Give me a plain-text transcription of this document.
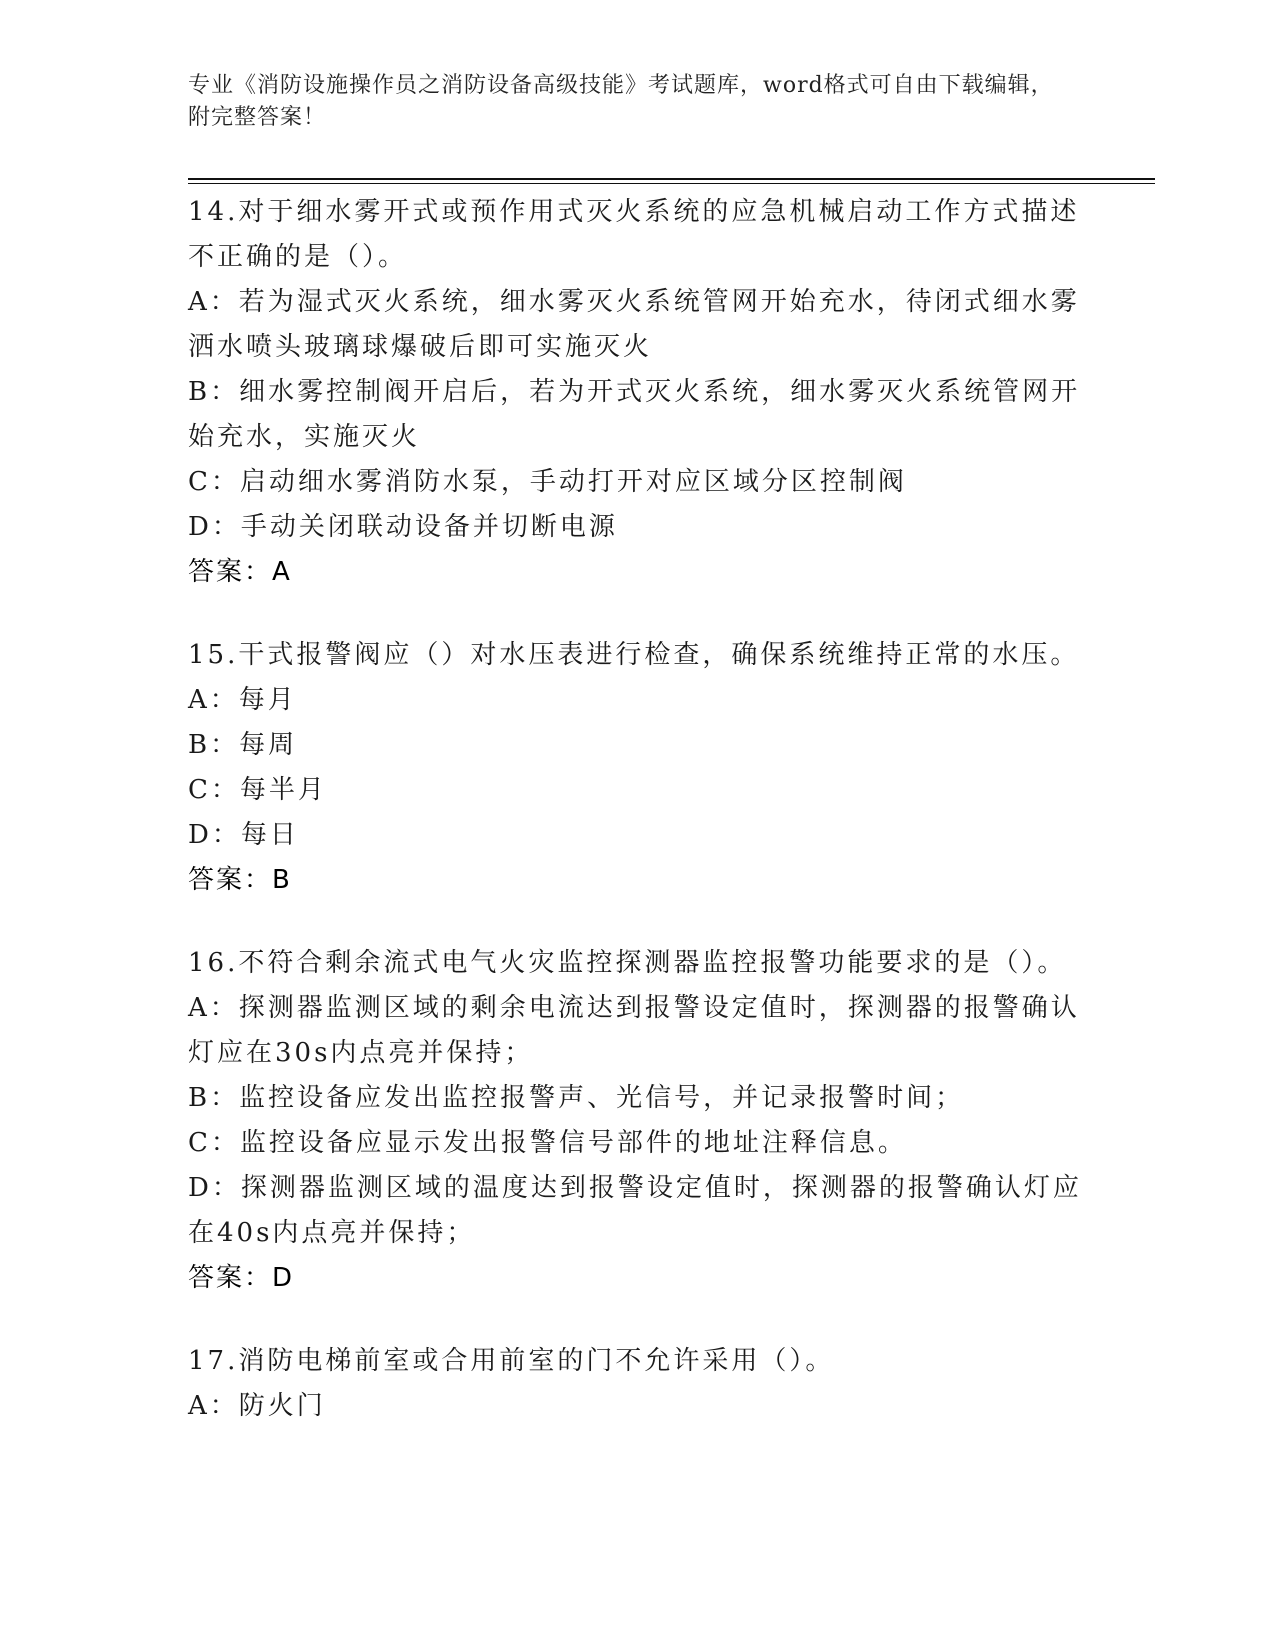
专业《消防设施操作员之消防设备高级技能》考试题库，word格式可自由下载编辑，附完整答案！

14.对于细水雾开式或预作用式灭火系统的应急机械启动工作方式描述不正确的是（）。

A：若为湿式灭火系统，细水雾灭火系统管网开始充水，待闭式细水雾洒水喷头玻璃球爆破后即可实施灭火

B：细水雾控制阀开启后，若为开式灭火系统，细水雾灭火系统管网开始充水，实施灭火

C：启动细水雾消防水泵，手动打开对应区域分区控制阀

D：手动关闭联动设备并切断电源

答案：A

15.干式报警阀应（）对水压表进行检查，确保系统维持正常的水压。

A：每月

B：每周

C：每半月

D：每日

答案：B

16.不符合剩余流式电气火灾监控探测器监控报警功能要求的是（）。

A：探测器监测区域的剩余电流达到报警设定值时，探测器的报警确认灯应在30s内点亮并保持；

B：监控设备应发出监控报警声、光信号，并记录报警时间；

C：监控设备应显示发出报警信号部件的地址注释信息。

D：探测器监测区域的温度达到报警设定值时，探测器的报警确认灯应在40s内点亮并保持；

答案：D

17.消防电梯前室或合用前室的门不允许采用（）。

A：防火门
